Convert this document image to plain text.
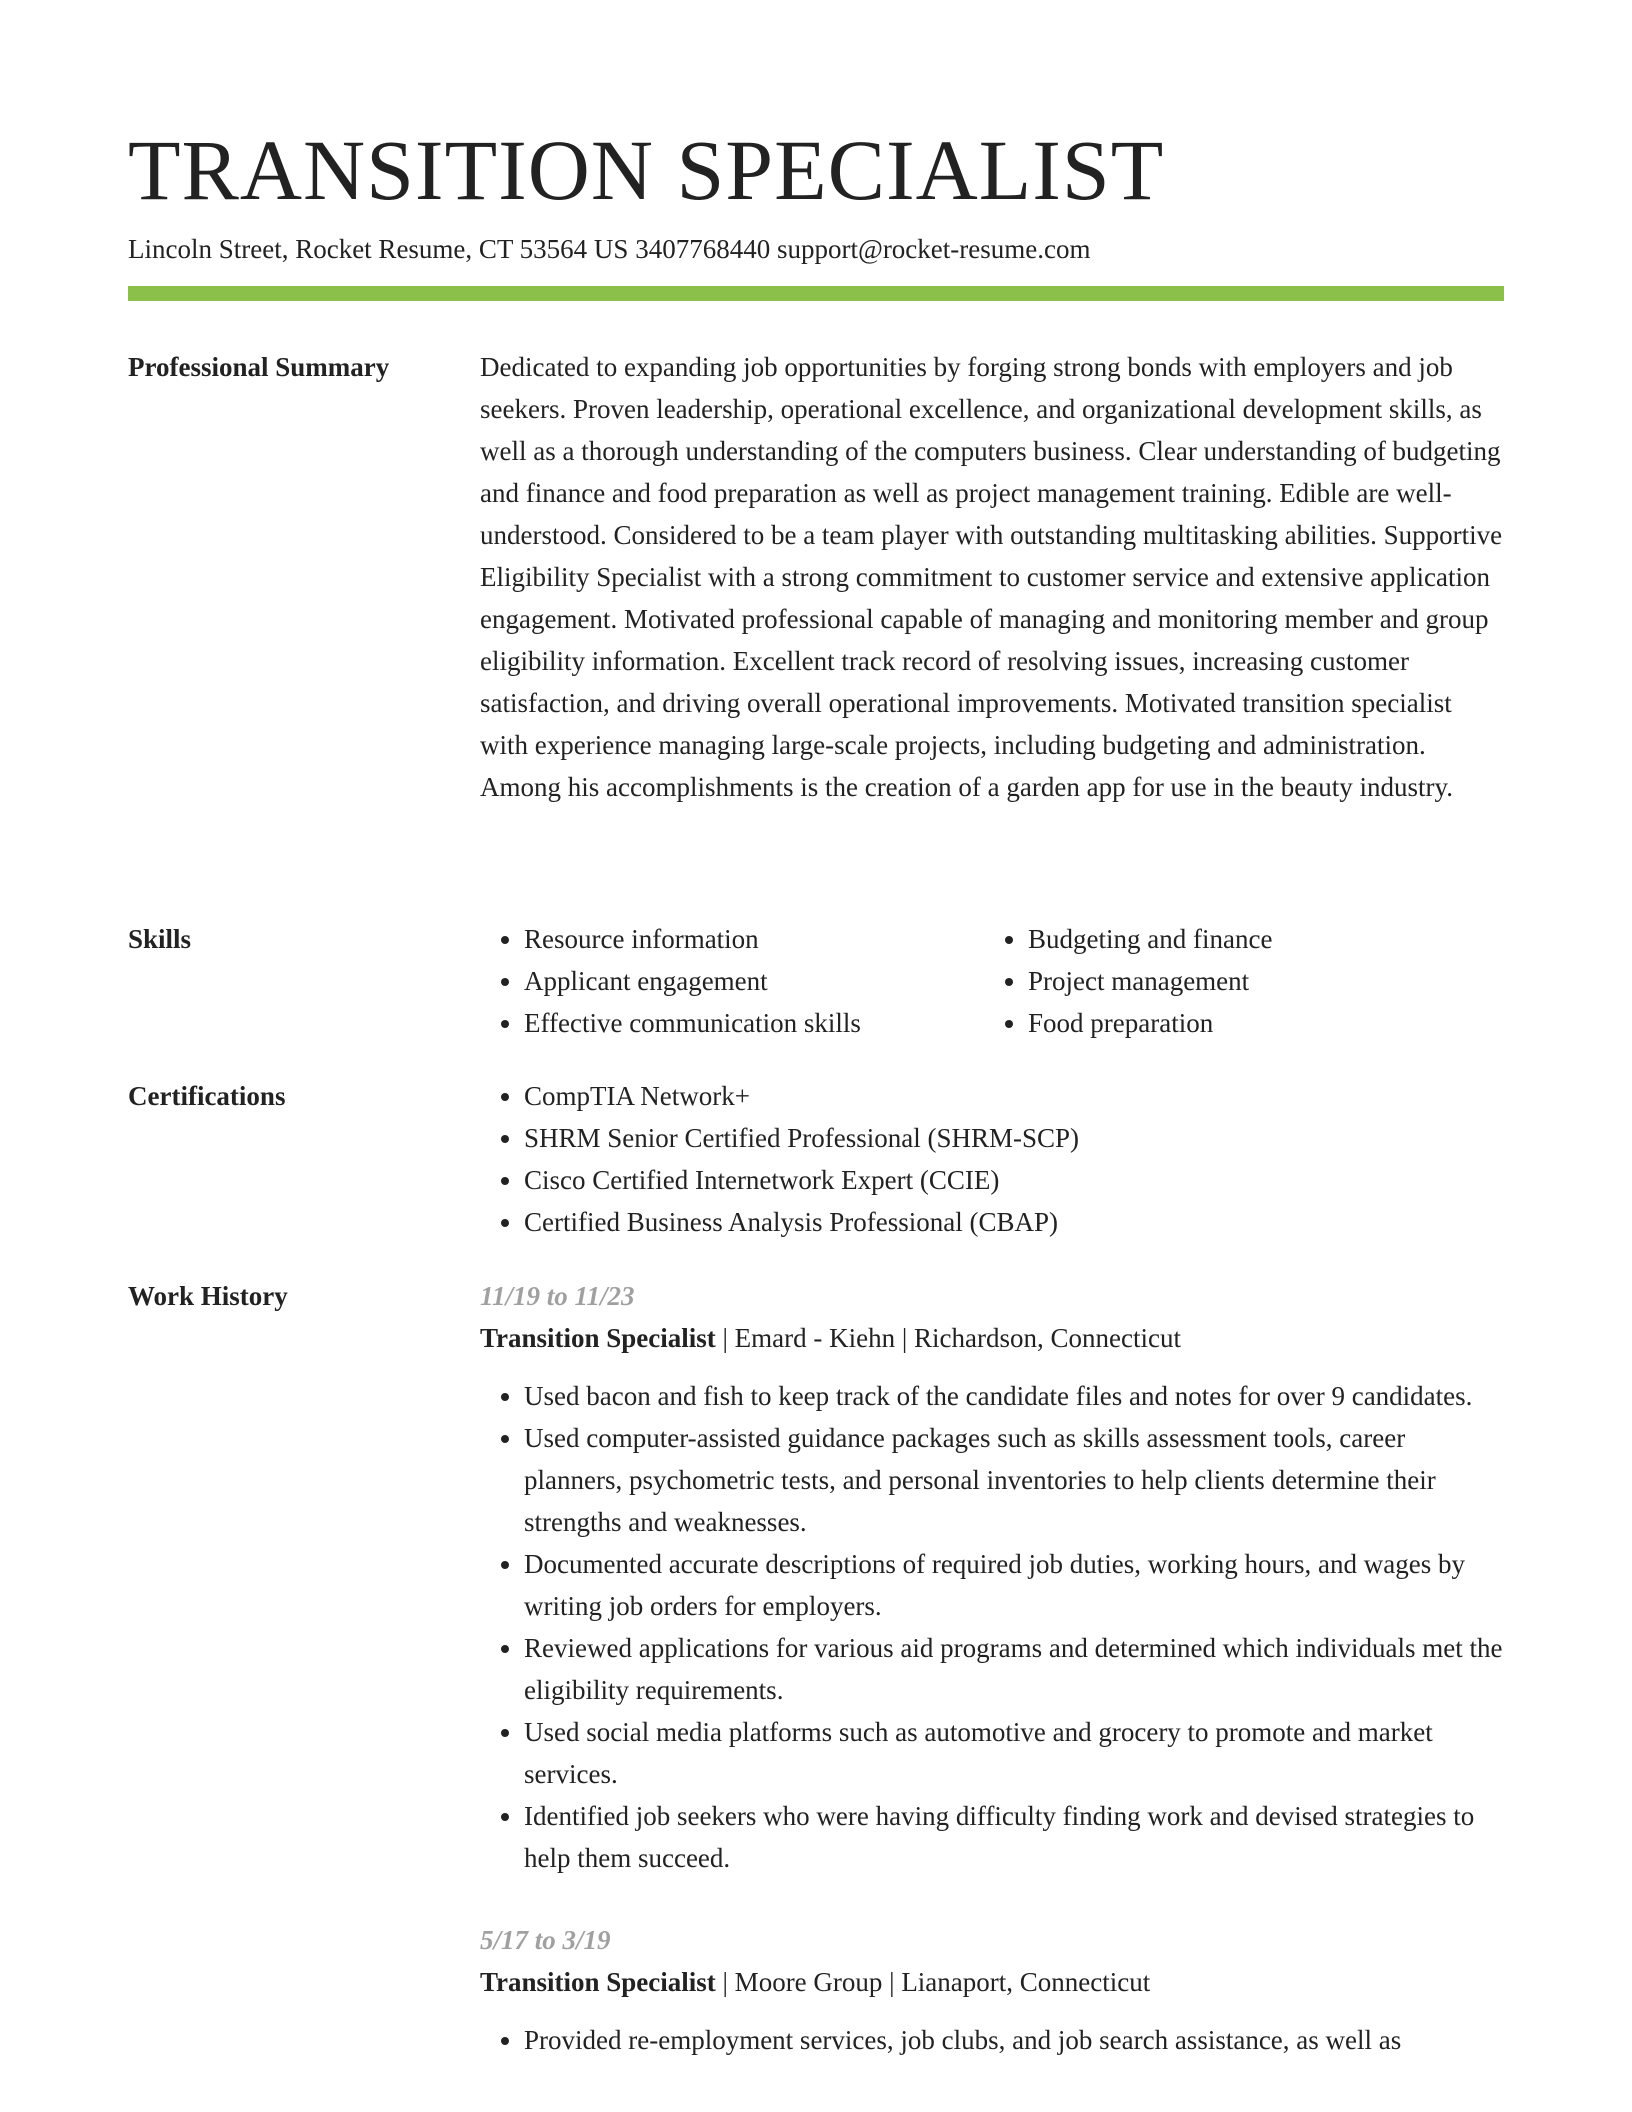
TRANSITION SPECIALIST
Lincoln Street, Rocket Resume, CT 53564 US 3407768440 support@rocket-resume.com
Professional Summary	Dedicated to expanding job opportunities by forging strong bonds with employers and job seekers. Proven leadership, operational excellence, and organizational development skills, as well as a thorough understanding of the computers business. Clear understanding of budgeting and finance and food preparation as well as project management training. Edible are well-understood. Considered to be a team player with outstanding multitasking abilities. Supportive Eligibility Specialist with a strong commitment to customer service and extensive application engagement. Motivated professional capable of managing and monitoring member and group eligibility information. Excellent track record of resolving issues, increasing customer satisfaction, and driving overall operational improvements. Motivated transition specialist with experience managing large-scale projects, including budgeting and administration. Among his accomplishments is the creation of a garden app for use in the beauty industry.

Skills	• Resource information
• Applicant engagement
• Effective communication skills
• Budgeting and finance
• Project management
• Food preparation
Certifications	• CompTIA Network+
• SHRM Senior Certified Professional (SHRM-SCP)
• Cisco Certified Internetwork Expert (CCIE)
• Certified Business Analysis Professional (CBAP)
Work History	11/19 to 11/23
Transition Specialist | Emard - Kiehn | Richardson, Connecticut
• Used bacon and fish to keep track of the candidate files and notes for over 9 candidates.
• Used computer-assisted guidance packages such as skills assessment tools, career planners, psychometric tests, and personal inventories to help clients determine their strengths and weaknesses.
• Documented accurate descriptions of required job duties, working hours, and wages by writing job orders for employers.
• Reviewed applications for various aid programs and determined which individuals met the eligibility requirements.
• Used social media platforms such as automotive and grocery to promote and market services.
• Identified job seekers who were having difficulty finding work and devised strategies to help them succeed.
5/17 to 3/19
Transition Specialist | Moore Group | Lianaport, Connecticut
• Provided re-employment services, job clubs, and job search assistance, as well as
